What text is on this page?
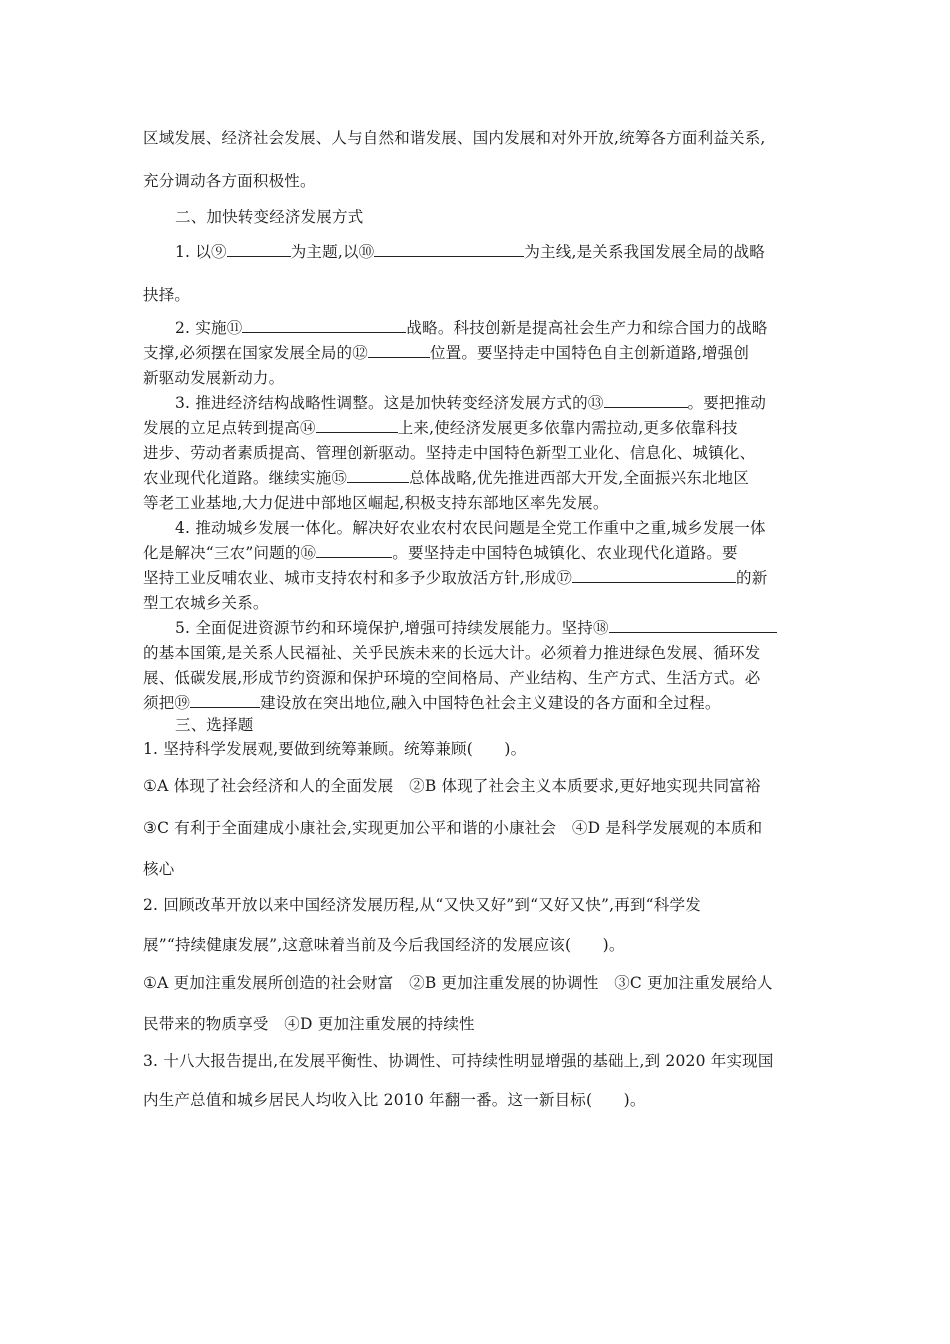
区域发展、经济社会发展、人与自然和谐发展、国内发展和对外开放,统筹各方面利益关系,
充分调动各方面积极性。
二、加快转变经济发展方式
1. 以⑨	为主题,以⑩	为主线,是关系我国发展全局的战略
抉择。
2. 实施⑪	战略。科技创新是提高社会生产力和综合国力的战略
支撑,必须摆在国家发展全局的⑫	位置。要坚持走中国特色自主创新道路,增强创
新驱动发展新动力。
3. 推进经济结构战略性调整。这是加快转变经济发展方式的⑬	。要把推动
发展的立足点转到提高⑭	上来,使经济发展更多依靠内需拉动,更多依靠科技
进步、劳动者素质提高、管理创新驱动。坚持走中国特色新型工业化、信息化、城镇化、
农业现代化道路。继续实施⑮	总体战略,优先推进西部大开发,全面振兴东北地区
等老工业基地,大力促进中部地区崛起,积极支持东部地区率先发展。
4. 推动城乡发展一体化。解决好农业农村农民问题是全党工作重中之重,城乡发展一体
化是解决“三农”问题的⑯	。要坚持走中国特色城镇化、农业现代化道路。要
坚持工业反哺农业、城市支持农村和多予少取放活方针,形成⑰	的新
型工农城乡关系。
5. 全面促进资源节约和环境保护,增强可持续发展能力。坚持⑱
的基本国策,是关系人民福祉、关乎民族未来的长远大计。必须着力推进绿色发展、循环发
展、低碳发展,形成节约资源和保护环境的空间格局、产业结构、生产方式、生活方式。必
须把⑲	建设放在突出地位,融入中国特色社会主义建设的各方面和全过程。
三、选择题
1. 坚持科学发展观,要做到统筹兼顾。统筹兼顾(　　)。
①A 体现了社会经济和人的全面发展　②B 体现了社会主义本质要求,更好地实现共同富裕
③C 有利于全面建成小康社会,实现更加公平和谐的小康社会　④D 是科学发展观的本质和
核心
2. 回顾改革开放以来中国经济发展历程,从“又快又好”到“又好又快”,再到“科学发
展”“持续健康发展”,这意味着当前及今后我国经济的发展应该(　　)。
①A 更加注重发展所创造的社会财富　②B 更加注重发展的协调性　③C 更加注重发展给人
民带来的物质享受　④D 更加注重发展的持续性
3. 十八大报告提出,在发展平衡性、协调性、可持续性明显增强的基础上,到 2020 年实现国
内生产总值和城乡居民人均收入比 2010 年翻一番。这一新目标(　　)。
